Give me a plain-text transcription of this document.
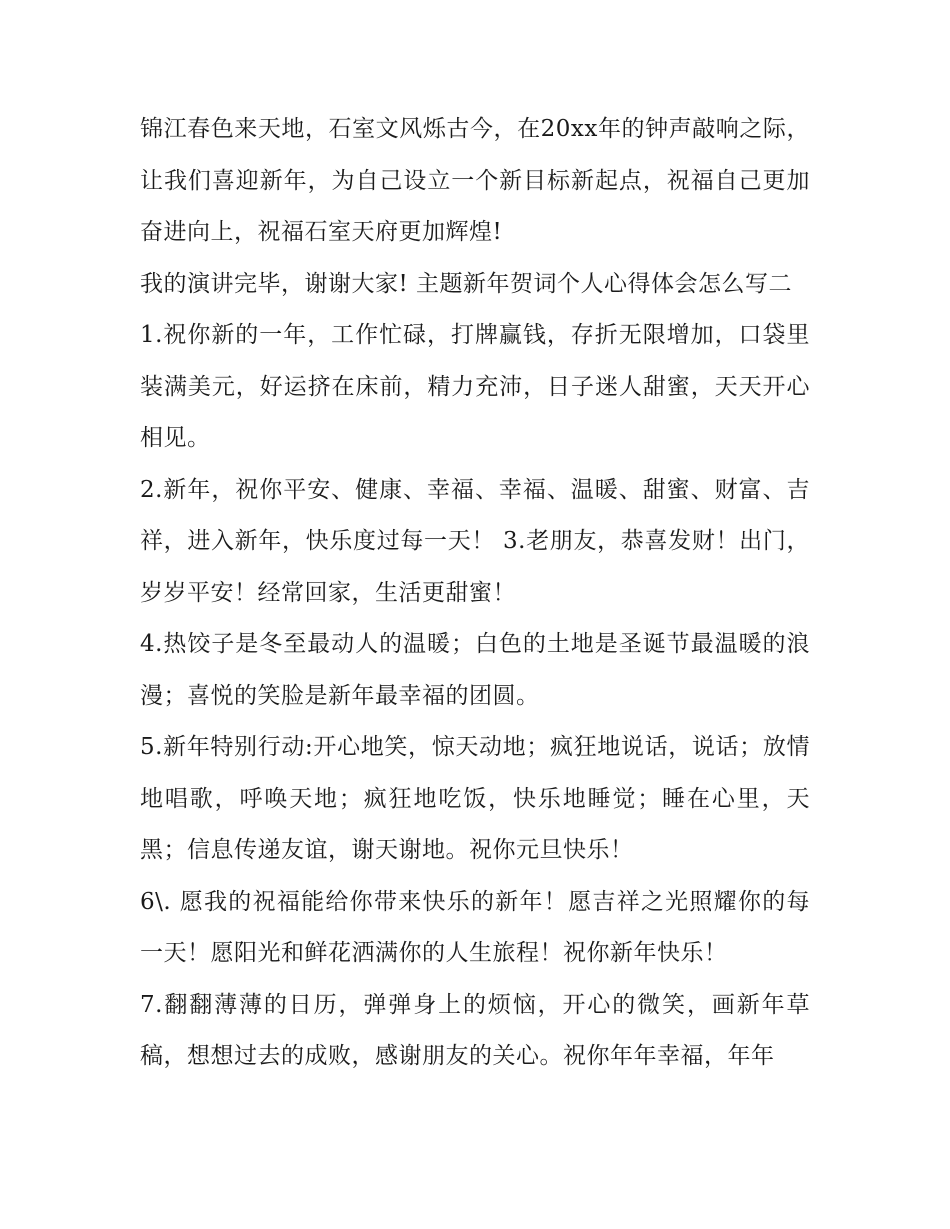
锦江春色来天地，石室文风烁古今，在20xx年的钟声敲响之际，让我们喜迎新年，为自己设立一个新目标新起点，祝福自己更加奋进向上，祝福石室天府更加辉煌!

我的演讲完毕，谢谢大家! 主题新年贺词个人心得体会怎么写二

1.祝你新的一年，工作忙碌，打牌赢钱，存折无限增加，口袋里装满美元，好运挤在床前，精力充沛，日子迷人甜蜜，天天开心相见。

2.新年，祝你平安、健康、幸福、幸福、温暖、甜蜜、财富、吉祥，进入新年，快乐度过每一天！ 3.老朋友，恭喜发财！出门，岁岁平安！经常回家，生活更甜蜜！

4.热饺子是冬至最动人的温暖；白色的土地是圣诞节最温暖的浪漫；喜悦的笑脸是新年最幸福的团圆。

5.新年特别行动:开心地笑，惊天动地；疯狂地说话，说话；放情地唱歌，呼唤天地；疯狂地吃饭，快乐地睡觉；睡在心里，天黑；信息传递友谊，谢天谢地。祝你元旦快乐！

6\. 愿我的祝福能给你带来快乐的新年！愿吉祥之光照耀你的每一天！愿阳光和鲜花洒满你的人生旅程！祝你新年快乐！

7.翻翻薄薄的日历，弹弹身上的烦恼，开心的微笑，画新年草稿，想想过去的成败，感谢朋友的关心。祝你年年幸福，年年
